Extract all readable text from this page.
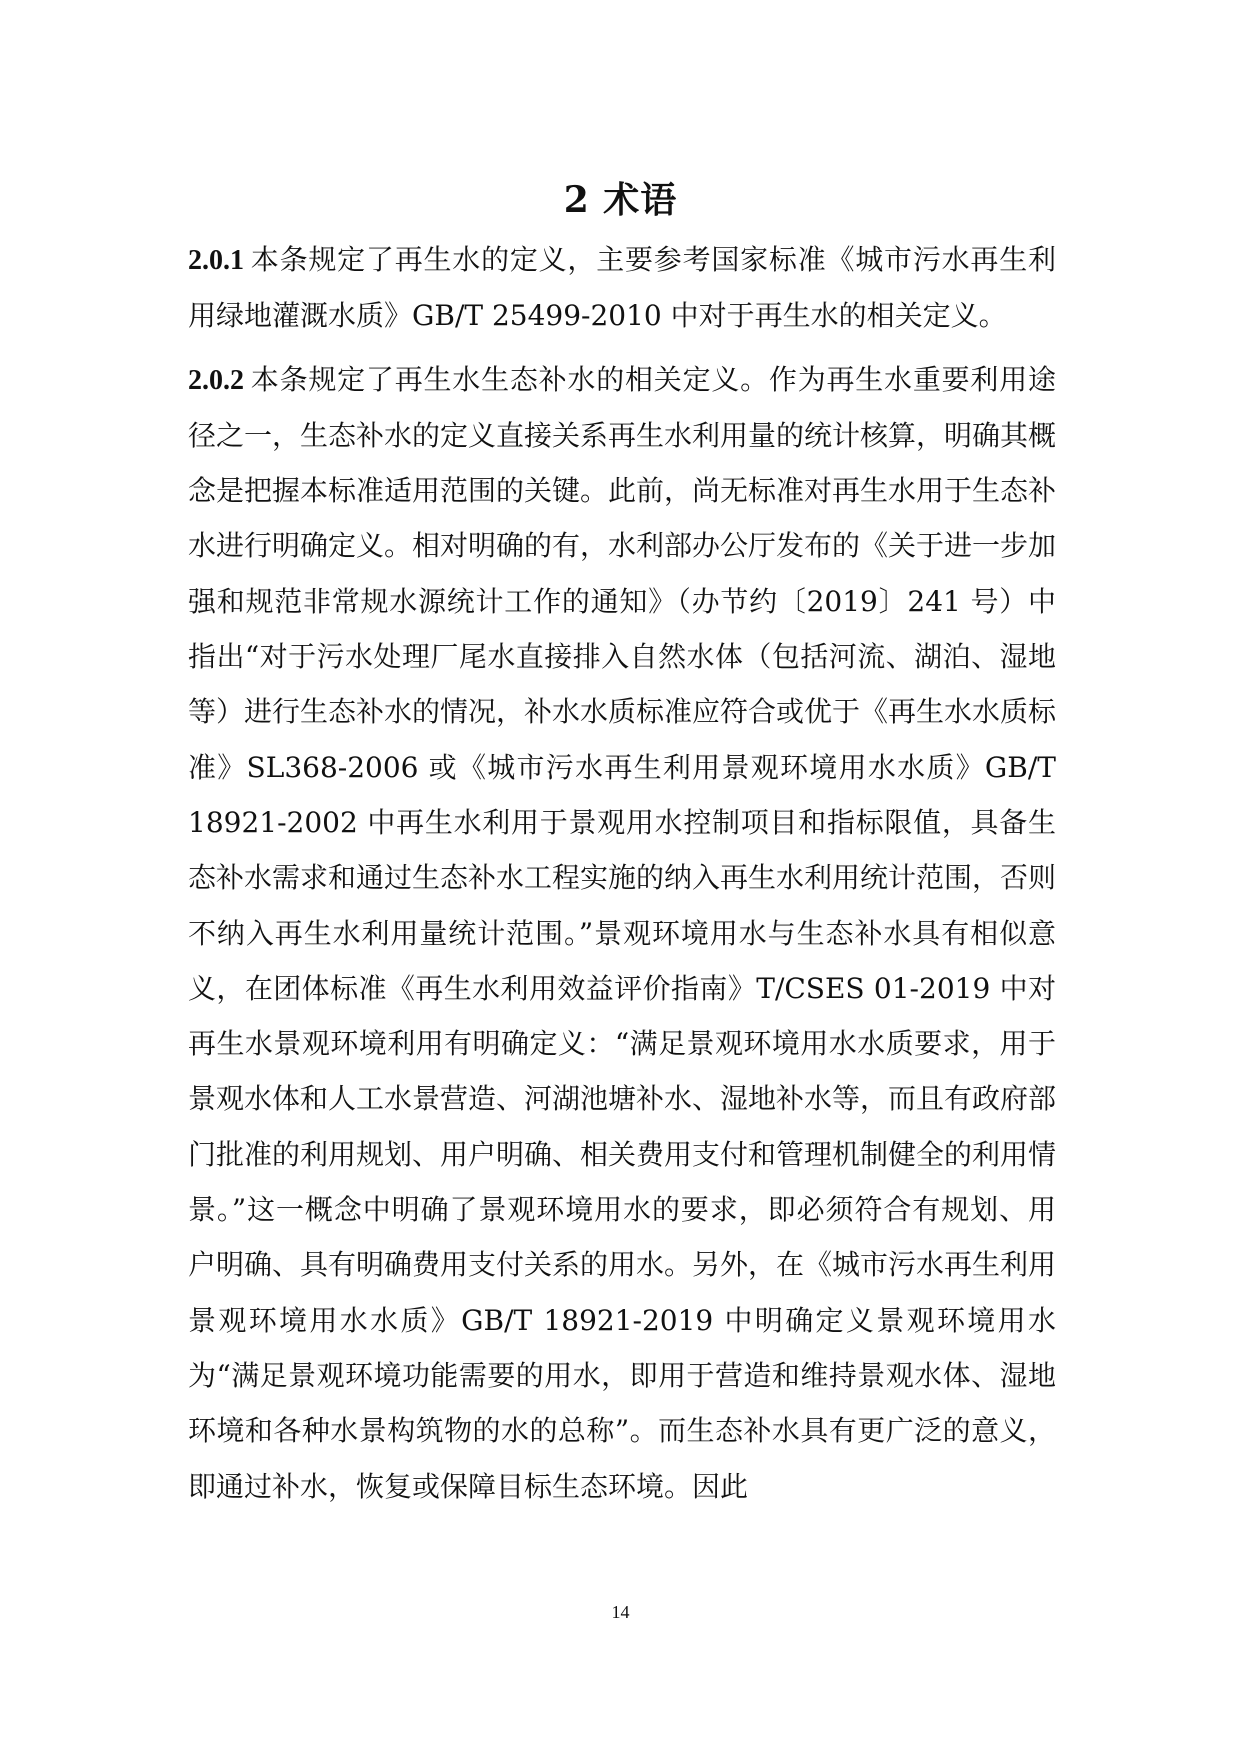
2 术语

2.0.1 本条规定了再生水的定义，主要参考国家标准《城市污水再生利用绿地灌溉水质》GB/T 25499-2010 中对于再生水的相关定义。

2.0.2 本条规定了再生水生态补水的相关定义。作为再生水重要利用途径之一，生态补水的定义直接关系再生水利用量的统计核算，明确其概念是把握本标准适用范围的关键。此前，尚无标准对再生水用于生态补水进行明确定义。相对明确的有，水利部办公厅发布的《关于进一步加强和规范非常规水源统计工作的通知》（办节约〔2019〕241 号）中指出“对于污水处理厂尾水直接排入自然水体（包括河流、湖泊、湿地等）进行生态补水的情况，补水水质标准应符合或优于《再生水水质标准》SL368-2006 或《城市污水再生利用景观环境用水水质》GB/T 18921-2002 中再生水利用于景观用水控制项目和指标限值，具备生态补水需求和通过生态补水工程实施的纳入再生水利用统计范围，否则不纳入再生水利用量统计范围。”景观环境用水与生态补水具有相似意义，在团体标准《再生水利用效益评价指南》T/CSES 01-2019 中对再生水景观环境利用有明确定义：“满足景观环境用水水质要求，用于景观水体和人工水景营造、河湖池塘补水、湿地补水等，而且有政府部门批准的利用规划、用户明确、相关费用支付和管理机制健全的利用情景。”这一概念中明确了景观环境用水的要求，即必须符合有规划、用户明确、具有明确费用支付关系的用水。另外，在《城市污水再生利用景观环境用水水质》GB/T 18921-2019 中明确定义景观环境用水为“满足景观环境功能需要的用水，即用于营造和维持景观水体、湿地环境和各种水景构筑物的水的总称”。而生态补水具有更广泛的意义，即通过补水，恢复或保障目标生态环境。因此

14
